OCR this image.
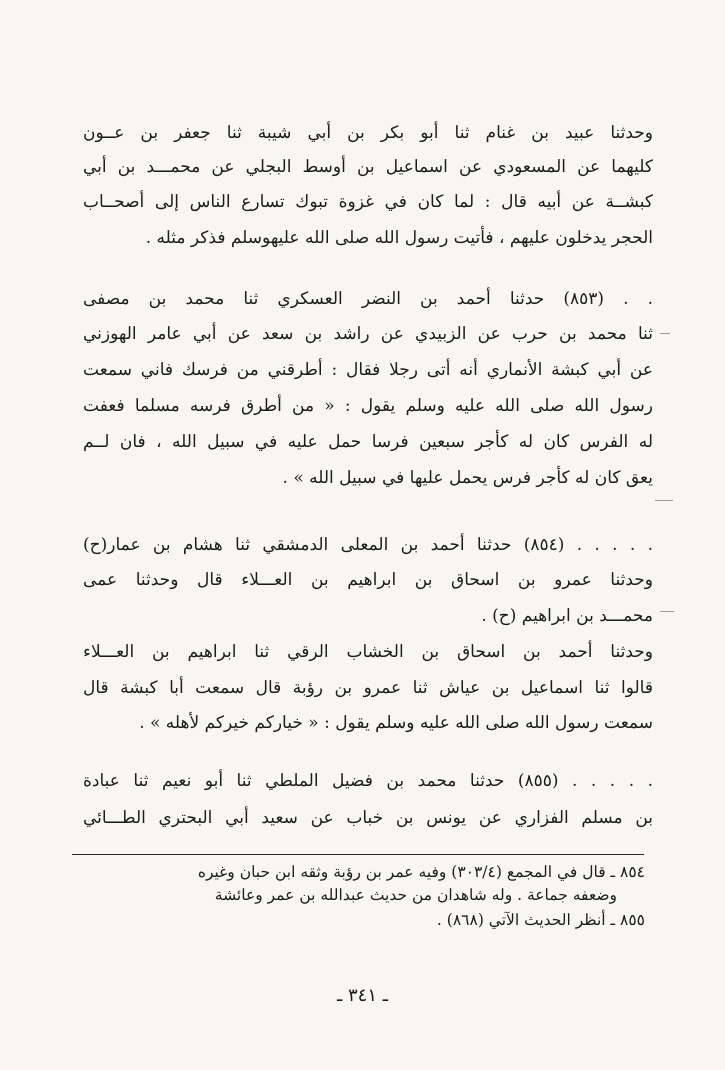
وحدثنا عبيد بن غنام ثنا أبو بكر بن أبي شيبة ثنا جعفر بن عــون
كليهما عن المسعودي عن اسماعيل بن أوسط البجلي عن محمـــد بن أبي
كبشــة عن أبيه قال : لما كان في غزوة تبوك تسارع الناس إلى أصحــاب
الحجر يدخلون عليهم ، فأتيت رسول الله صلى الله عليهوسلم فذكر مثله .
. . (٨٥٣) حدثنا أحمد بن النضر العسكري ثنا محمد بن مصفى
ثنا محمد بن حرب عن الزبيدي عن راشد بن سعد عن أبي عامر الهوزني
عن أبي كبشة الأنماري أنه أتى رجلا فقال : أطرقني من فرسك فاني سمعت
رسول الله صلى الله عليه وسلم يقول : « من أطرق فرسه مسلما فعفت
له الفرس كان له كأجر سبعين فرسا حمل عليه في سبيل الله ، فان لــم
يعق كان له كأجر فرس يحمل عليها في سبيل الله » .
. . . . . (٨٥٤) حدثنا أحمد بن المعلى الدمشقي ثنا هشام بن عمار(ح)
وحدثنا عمرو بن اسحاق بن ابراهيم بن العـــلاء قال وحدثنا عمى
محمـــد بن ابراهيم (ح) .
وحدثنا أحمد بن اسحاق بن الخشاب الرقي ثنا ابراهيم بن العـــلاء
قالوا ثنا اسماعيل بن عياش ثنا عمرو بن رؤبة قال سمعت أبا كبشة قال
سمعت رسول الله صلى الله عليه وسلم يقول : « خياركم خيركم لأهله » .
. . . . . (٨٥٥) حدثنا محمد بن فضيل الملطي ثنا أبو نعيم ثنا عبادة
بن مسلم الفزاري عن يونس بن خباب عن سعيد أبي البحتري الطـــائي
٨٥٤ ـ قال في المجمع (٣٠٣/٤) وفيه عمر بن رؤبة وثقه ابن حبان وغيره
وضعفه جماعة . وله شاهدان من حديث عبدالله بن عمر وعائشة
٨٥٥ ـ أنظر الحديث الآتي (٨٦٨) .
ـ ٣٤١ ـ
